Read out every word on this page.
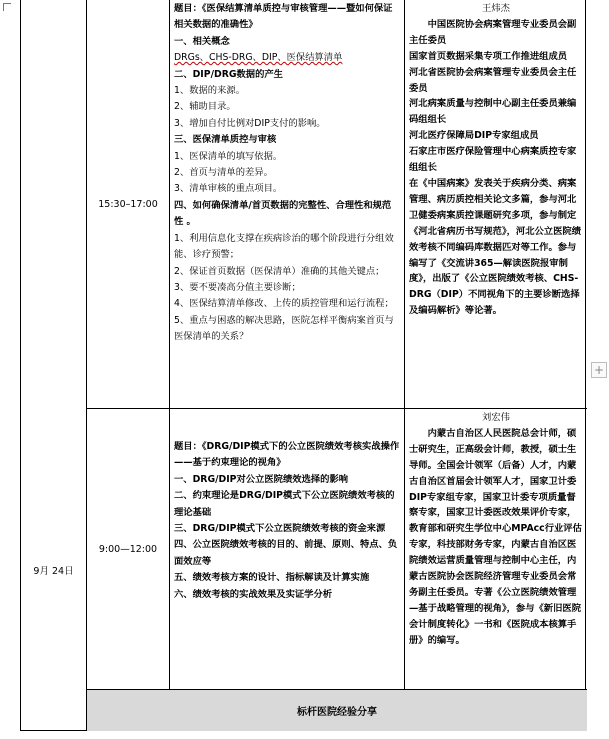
15:30–17:00
题目：《医保结算清单质控与审核管理——暨如何保证相关数据的准确性》
一、相关概念
DRGs、CHS-DRG、DIP、医保结算清单
二、DIP/DRG数据的产生
1、数据的来源。
2、辅助目录。
3、增加自付比例对DIP支付的影响。
三、医保清单质控与审核
1、医保清单的填写依据。
2、首页与清单的差异。
3、清单审核的重点项目。
四、如何确保清单/首页数据的完整性、合理性和规范性 。
1、利用信息化支撑在疾病诊治的哪个阶段进行分组效能、诊疗预警；
2、保证首页数据（医保清单）准确的其他关键点；
3、要不要凑高分值主要诊断；
4、医保结算清单修改、上传的质控管理和运行流程；
5、重点与困惑的解决思路，医院怎样平衡病案首页与医保清单的关系？
王炜杰

中国医院协会病案管理专业委员会副主任委员

国家首页数据采集专项工作推进组成员

河北省医院协会病案管理专业委员会主任委员

河北病案质量与控制中心副主任委员兼编码组组长

河北医疗保障局DIP专家组成员

石家庄市医疗保险管理中心病案质控专家组组长

在《中国病案》发表关于疾病分类、病案管理、病历质控相关论文多篇，参与河北卫健委病案质控课题研究多项，参与制定《河北省病历书写规范》，河北公立医院绩效考核不同编码库数据匹对等工作。参与编写了《交流讲365—解读医院报审制度》，出版了《公立医院绩效考核、CHS-DRG（DIP）不同视角下的主要诊断选择及编码解析》等论著。

9月 24日
9:00—12:00
题目：《DRG/DIP模式下的公立医院绩效考核实战操作——基于约束理论的视角》
一、DRG/DIP对公立医院绩效选择的影响
二、约束理论是DRG/DIP模式下公立医院绩效考核的理论基础
三、DRG/DIP模式下公立医院绩效考核的资金来源
四、公立医院绩效考核的目的、前提、原则、特点、负面效应等
五、绩效考核方案的设计、指标解读及计算实施
六、绩效考核的实战效果及实证学分析
刘宏伟

内蒙古自治区人民医院总会计师，硕士研究生，正高级会计师，教授，硕士生导师。全国会计领军（后备）人才，内蒙古自治区首届会计领军人才，国家卫计委DIP专家组专家，国家卫计委专项质量督察专家，国家卫计委医改效果评价专家，教育部和研究生学位中心MPAcc行业评估专家，科技部财务专家，内蒙古自治区医院绩效运营质量管理与控制中心主任，内蒙古医院协会医院经济管理专业委员会常务副主任委员。专著《公立医院绩效管理—基于战略管理的视角》，参与《新旧医院会计制度转化》一书和《医院成本核算手册》的编写。

标杆医院经验分享
+
